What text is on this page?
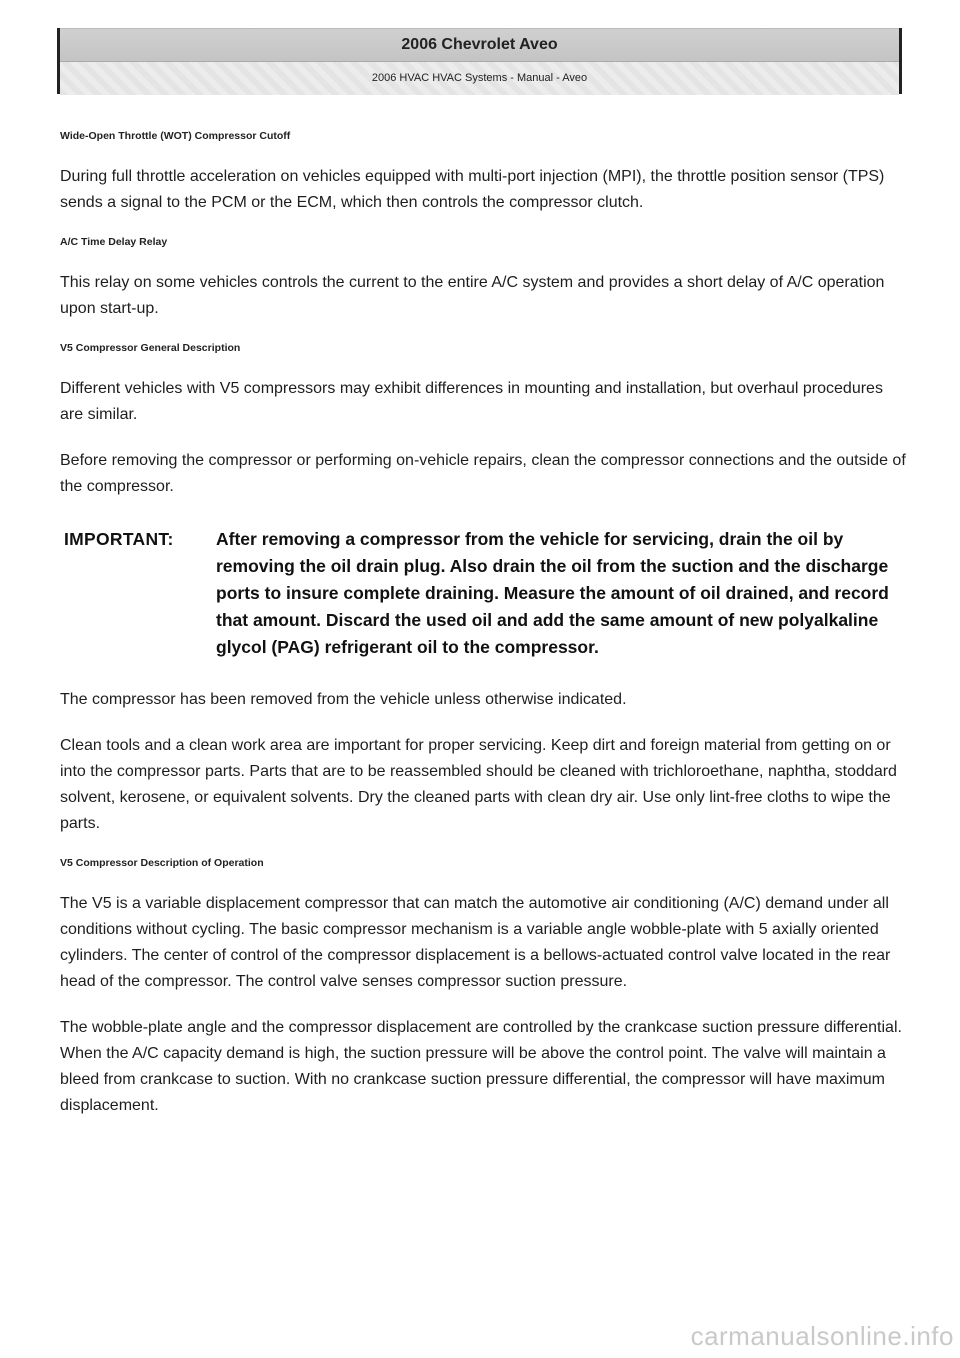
2006 Chevrolet Aveo
2006 HVAC HVAC Systems - Manual - Aveo
Wide-Open Throttle (WOT) Compressor Cutoff

During full throttle acceleration on vehicles equipped with multi-port injection (MPI), the throttle position sensor (TPS) sends a signal to the PCM or the ECM, which then controls the compressor clutch.

A/C Time Delay Relay

This relay on some vehicles controls the current to the entire A/C system and provides a short delay of A/C operation upon start-up.

V5 Compressor General Description

Different vehicles with V5 compressors may exhibit differences in mounting and installation, but overhaul procedures are similar.

Before removing the compressor or performing on-vehicle repairs, clean the compressor connections and the outside of the compressor.

IMPORTANT:	After removing a compressor from the vehicle for servicing, drain the oil by removing the oil drain plug. Also drain the oil from the suction and the discharge ports to insure complete draining. Measure the amount of oil drained, and record that amount. Discard the used oil and add the same amount of new polyalkaline glycol (PAG) refrigerant oil to the compressor.

The compressor has been removed from the vehicle unless otherwise indicated.

Clean tools and a clean work area are important for proper servicing. Keep dirt and foreign material from getting on or into the compressor parts. Parts that are to be reassembled should be cleaned with trichloroethane, naphtha, stoddard solvent, kerosene, or equivalent solvents. Dry the cleaned parts with clean dry air. Use only lint-free cloths to wipe the parts.

V5 Compressor Description of Operation

The V5 is a variable displacement compressor that can match the automotive air conditioning (A/C) demand under all conditions without cycling. The basic compressor mechanism is a variable angle wobble-plate with 5 axially oriented cylinders. The center of control of the compressor displacement is a bellows-actuated control valve located in the rear head of the compressor. The control valve senses compressor suction pressure.

The wobble-plate angle and the compressor displacement are controlled by the crankcase suction pressure differential. When the A/C capacity demand is high, the suction pressure will be above the control point. The valve will maintain a bleed from crankcase to suction. With no crankcase suction pressure differential, the compressor will have maximum displacement.

carmanualsonline.info
